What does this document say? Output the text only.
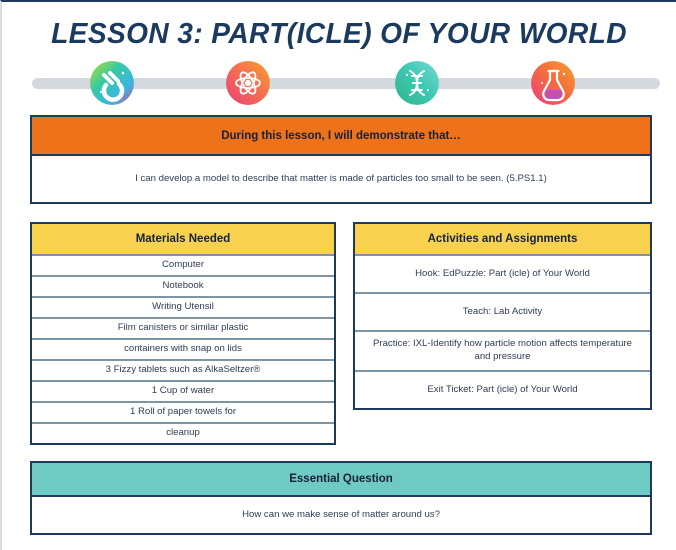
LESSON 3: PART(ICLE) OF YOUR WORLD
During this lesson, I will demonstrate that…
I can develop a model to describe that matter is made of particles too small to be seen. (5.PS1.1)
Materials Needed
Computer
Notebook
Writing Utensil
Film canisters or similar plastic
containers with snap on lids
3 Fizzy tablets such as AlkaSeltzer®
1 Cup of water
1 Roll of paper towels for
cleanup
Activities and Assignments
Hook: EdPuzzle: Part (icle) of Your World
Teach: Lab Activity
Practice: IXL-Identify how particle motion affects temperature and pressure
Exit Ticket: Part (icle) of Your World
Essential Question
How can we make sense of matter around us?
